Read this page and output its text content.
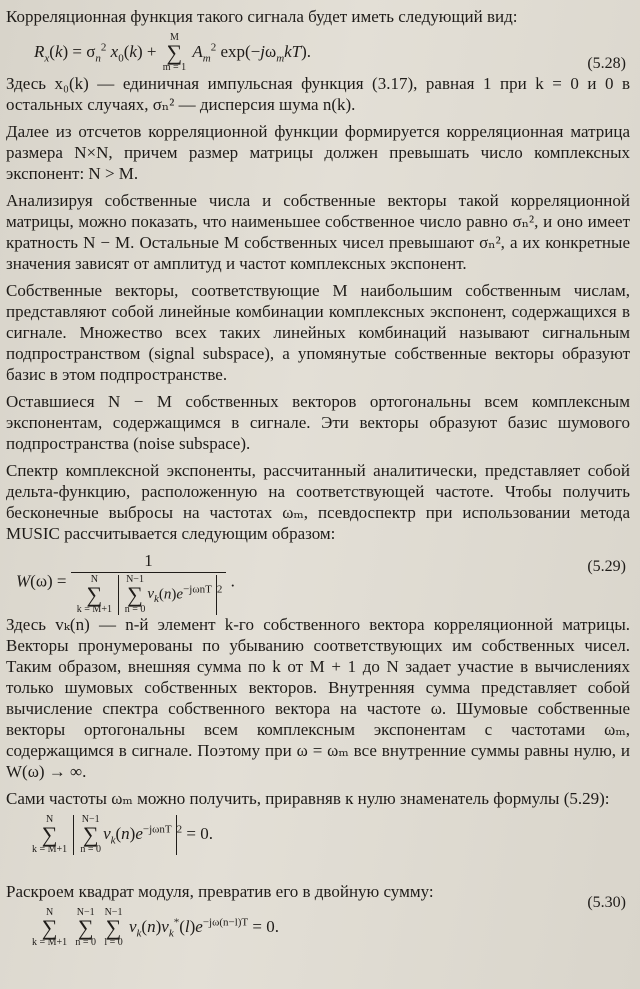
Корреляционная функция такого сигнала будет иметь следующий вид:

$R_x(k) = \sigma_n^2$ $x_0(k) + M$
∑
m = 1 $A_m^2$ $\exp(-j\omega_mkT)$.
(5.28)

Здесь x₀(k) — единичная импульсная функция (3.17), равная 1 при k = 0 и 0 в остальных случаях, σₙ² — дисперсия шума n(k).

Далее из отсчетов корреляционной функции формируется корреляционная матрица размера N×N, причем размер матрицы должен превышать число комплексных экспонент: N > M.

Анализируя собственные числа и собственные векторы такой корреляционной матрицы, можно показать, что наименьшее собственное число равно σₙ², и оно имеет кратность N − M. Остальные M собственных чисел превышают σₙ², а их конкретные значения зависят от амплитуд и частот комплексных экспонент.

Собственные векторы, соответствующие M наибольшим собственным числам, представляют собой линейные комбинации комплексных экспонент, содержащихся в сигнале. Множество всех таких линейных комбинаций называют сигнальным подпространством (signal subspace), а упомянутые собственные векторы образуют базис в этом подпространстве.

Оставшиеся N − M собственных векторов ортогональны всем комплексным экспонентам, содержащимся в сигнале. Эти векторы образуют базис шумового подпространства (noise subspace).

Спектр комплексной экспоненты, рассчитанный аналитически, представляет собой дельта-функцию, расположенную на соответствующей частоте. Чтобы получить бесконечные выбросы на частотах ωₘ, псевдоспектр при использовании метода MUSIC рассчитывается следующим образом:

W(ω) = 1
N
∑
k = M+1 N−1
∑
$n = 0v_k(n)e^{-j\omega nT}$ $^2$ .
(5.29)

Здесь vₖ(n) — n-й элемент k-го собственного вектора корреляционной матрицы. Векторы пронумерованы по убыванию соответствующих им собственных чисел. Таким образом, внешняя сумма по k от M + 1 до N задает участие в вычислениях только шумовых собственных векторов. Внутренняя сумма представляет собой вычисление спектра собственного вектора на частоте ω. Шумовые собственные векторы ортогональны всем комплексным экспонентам с частотами ωₘ, содержащимся в сигнале. Поэтому при ω = ωₘ все внутренние суммы равны нулю, и W(ω) → ∞.

Сами частоты ωₘ можно получить, приравняв к нулю знаменатель формулы (5.29):

N
∑
k = M+1 N−1
∑
$n = 0v_k(n)e^{-j\omega nT}$ $^2$ = 0.

Раскроем квадрат модуля, превратив его в двойную сумму:

(5.30)
N
∑
k = M+1 N−1
∑
n = 0 N−1
∑
l = 0 $v_k(n)v_k^*(l)e^{-j\omega(n-l)T} = 0$.
